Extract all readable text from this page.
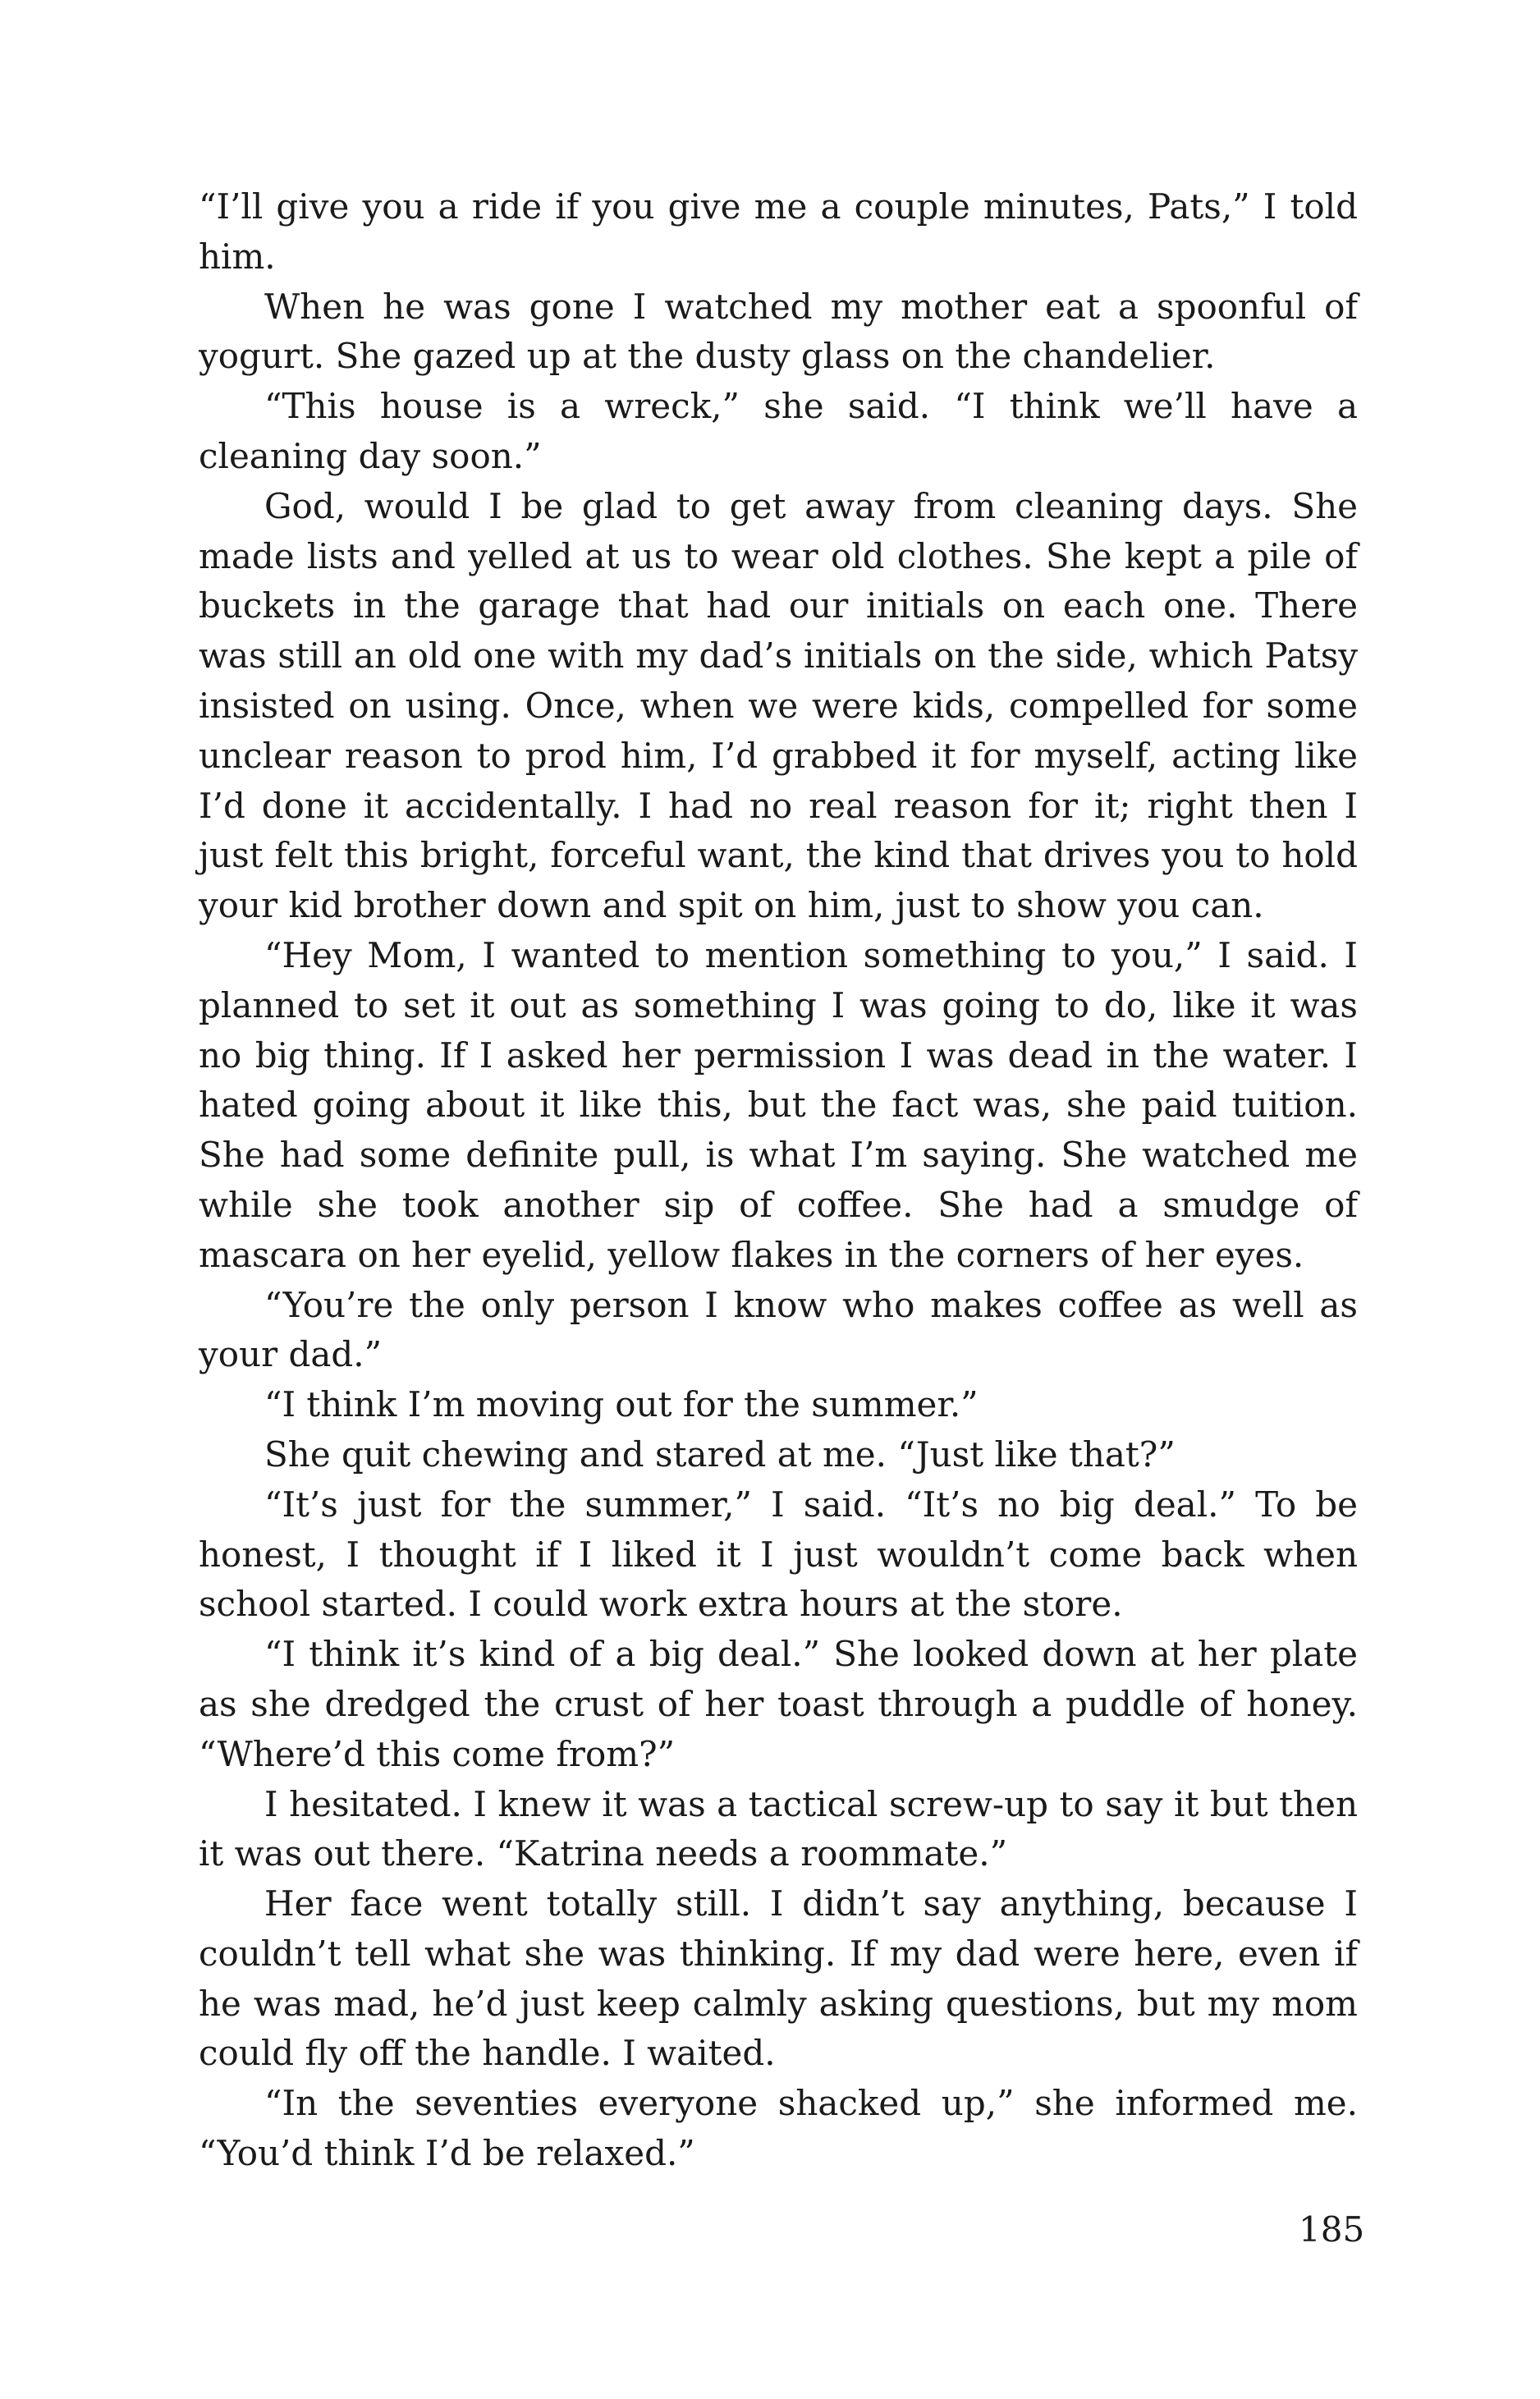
“I’ll give you a ride if you give me a couple minutes, Pats,” I told him.

When he was gone I watched my mother eat a spoonful of yogurt. She gazed up at the dusty glass on the chandelier.

“This house is a wreck,” she said. “I think we’ll have a cleaning day soon.”

God, would I be glad to get away from cleaning days. She made lists and yelled at us to wear old clothes. She kept a pile of buckets in the garage that had our initials on each one. There was still an old one with my dad’s initials on the side, which Patsy insisted on using. Once, when we were kids, compelled for some unclear reason to prod him, I’d grabbed it for myself, acting like I’d done it accidentally. I had no real reason for it; right then I just felt this bright, forceful want, the kind that drives you to hold your kid brother down and spit on him, just to show you can.

“Hey Mom, I wanted to mention something to you,” I said. I planned to set it out as something I was going to do, like it was no big thing. If I asked her permission I was dead in the water. I hated going about it like this, but the fact was, she paid tuition. She had some definite pull, is what I’m saying. She watched me while she took another sip of coffee. She had a smudge of mascara on her eyelid, yellow flakes in the corners of her eyes.

“You’re the only person I know who makes coffee as well as your dad.”

“I think I’m moving out for the summer.”

She quit chewing and stared at me. “Just like that?”

“It’s just for the summer,” I said. “It’s no big deal.” To be honest, I thought if I liked it I just wouldn’t come back when school started. I could work extra hours at the store.

“I think it’s kind of a big deal.” She looked down at her plate as she dredged the crust of her toast through a puddle of honey. “Where’d this come from?”

I hesitated. I knew it was a tactical screw-up to say it but then it was out there. “Katrina needs a roommate.”

Her face went totally still. I didn’t say anything, because I couldn’t tell what she was thinking. If my dad were here, even if he was mad, he’d just keep calmly asking questions, but my mom could fly off the handle. I waited.

“In the seventies everyone shacked up,” she informed me. “You’d think I’d be relaxed.”

185
